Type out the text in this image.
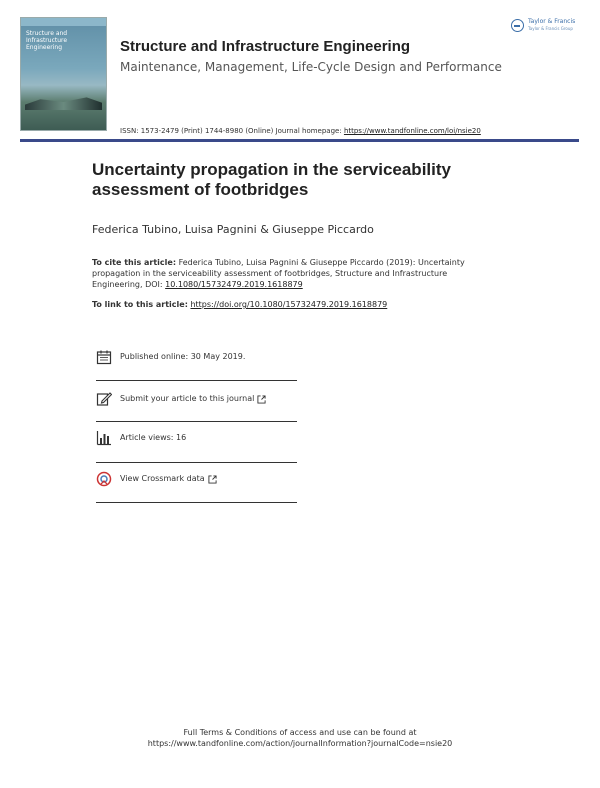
Structure and Infrastructure Engineering	Structure and Infrastructure Engineering
Maintenance, Management, Life-Cycle Design and Performance
ISSN: 1573-2479 (Print) 1744-8980 (Online) Journal homepage: https://www.tandfonline.com/loi/nsie20
Taylor & Francis
Taylor & Francis Group
Uncertainty propagation in the serviceability assessment of footbridges
Federica Tubino, Luisa Pagnini & Giuseppe Piccardo
To cite this article: Federica Tubino, Luisa Pagnini & Giuseppe Piccardo (2019): Uncertainty propagation in the serviceability assessment of footbridges, Structure and Infrastructure Engineering, DOI: 10.1080/15732479.2019.1618879
To link to this article: https://doi.org/10.1080/15732479.2019.1618879
Published online: 30 May 2019.
Submit your article to this journal
Article views: 16
View Crossmark data
Full Terms & Conditions of access and use can be found at
https://www.tandfonline.com/action/journalInformation?journalCode=nsie20
